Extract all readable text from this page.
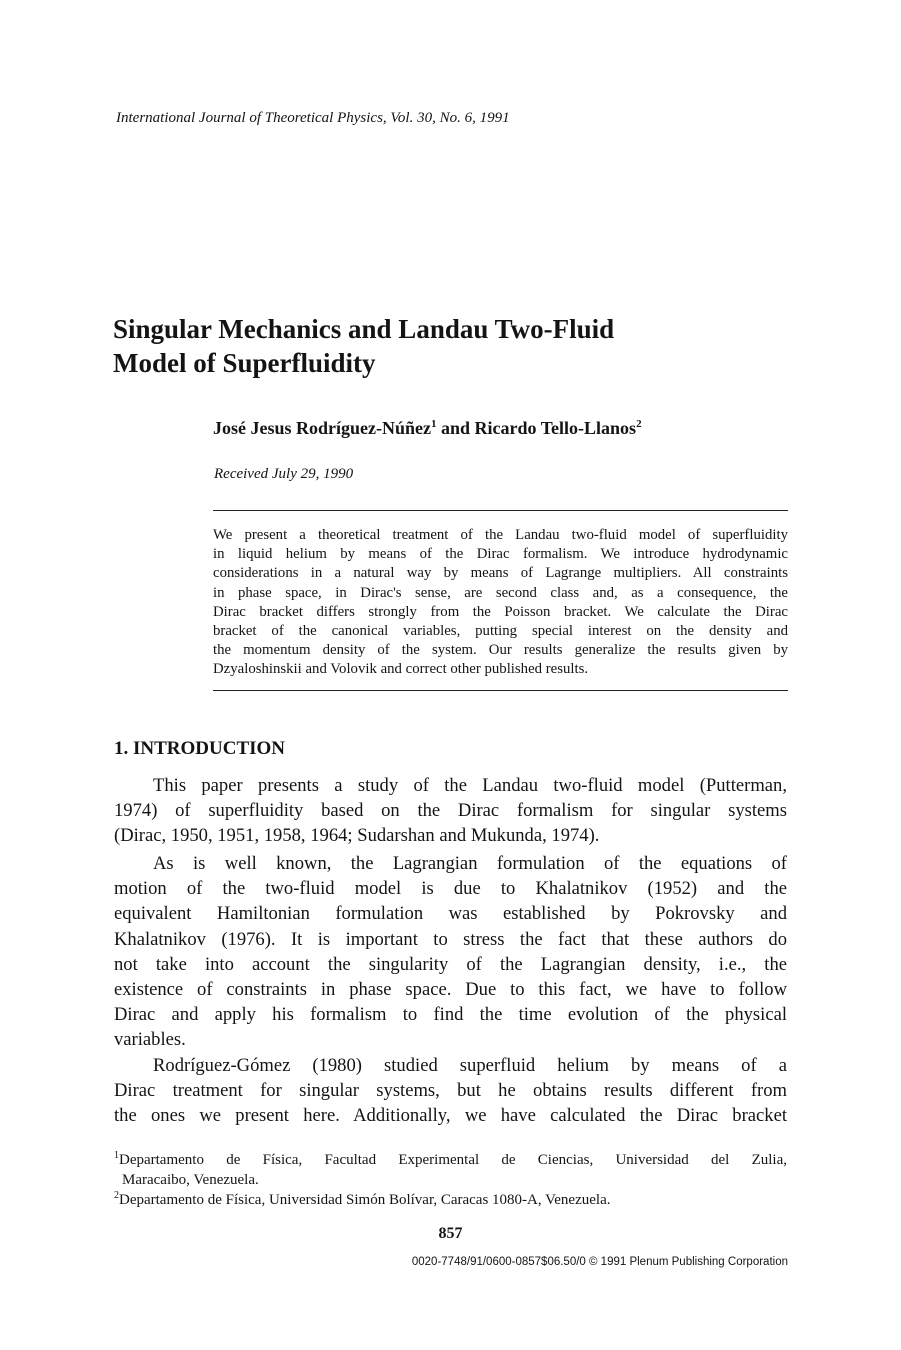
International Journal of Theoretical Physics, Vol. 30, No. 6, 1991
Singular Mechanics and Landau Two-Fluid
Model of Superfluidity
José Jesus Rodríguez-Núñez$^1$ and Ricardo Tello-Llanos$^2$
Received July 29, 1990
We present a theoretical treatment of the Landau two-fluid model of superfluidity
in liquid helium by means of the Dirac formalism. We introduce hydrodynamic
considerations in a natural way by means of Lagrange multipliers. All constraints
in phase space, in Dirac's sense, are second class and, as a consequence, the
Dirac bracket differs strongly from the Poisson bracket. We calculate the Dirac
bracket of the canonical variables, putting special interest on the density and
the momentum density of the system. Our results generalize the results given by
Dzyaloshinskii and Volovik and correct other published results.
1. INTRODUCTION
This paper presents a study of the Landau two-fluid model (Putterman,
1974) of superfluidity based on the Dirac formalism for singular systems
(Dirac, 1950, 1951, 1958, 1964; Sudarshan and Mukunda, 1974).
As is well known, the Lagrangian formulation of the equations of
motion of the two-fluid model is due to Khalatnikov (1952) and the
equivalent Hamiltonian formulation was established by Pokrovsky and
Khalatnikov (1976). It is important to stress the fact that these authors do
not take into account the singularity of the Lagrangian density, i.e., the
existence of constraints in phase space. Due to this fact, we have to follow
Dirac and apply his formalism to find the time evolution of the physical
variables.
Rodríguez-Gómez (1980) studied superfluid helium by means of a
Dirac treatment for singular systems, but he obtains results different from
the ones we present here. Additionally, we have calculated the Dirac bracket
$^1$Departamento de Física, Facultad Experimental de Ciencias, Universidad del Zulia,
Maracaibo, Venezuela.
$^2$Departamento de Física, Universidad Simón Bolívar, Caracas 1080-A, Venezuela.
857
0020-7748/91/0600-0857$06.50/0 © 1991 Plenum Publishing Corporation
